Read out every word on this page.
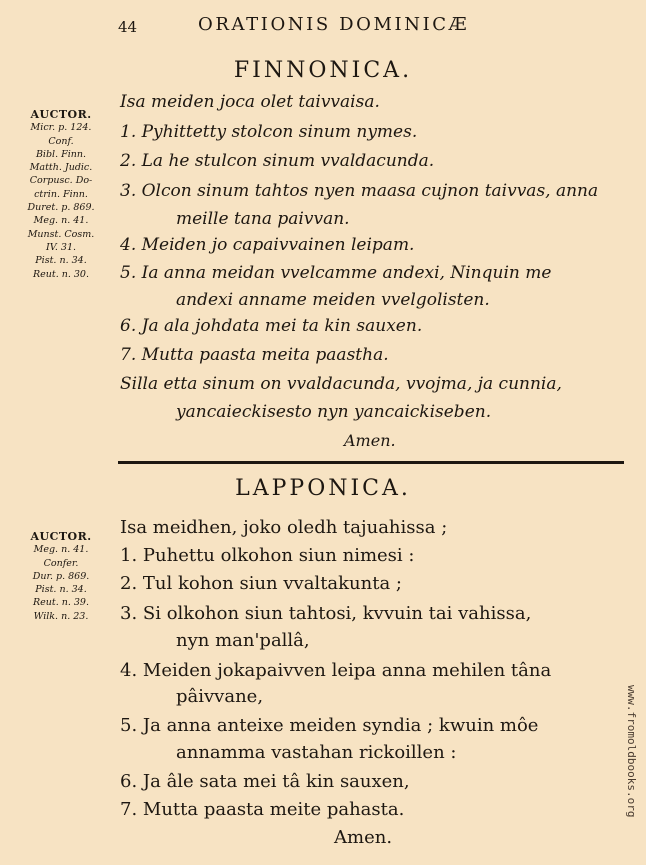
44	ORATIONIS DOMINICÆ
FINNONICA.
AUCTOR.
Micr. p. 124.
Conf.
Bibl. Finn.
Matth. Judic.
Corpusc. Do-
ctrin. Finn.
Duret. p. 869.
Meg. n. 41.
Munst. Cosm.
IV. 31.
Pist. n. 34.
Reut. n. 30.
Isa meiden joca olet taivvaisa.
1. Pyhittetty stolcon sinum nymes.
2. La he stulcon sinum vvaldacunda.
3. Olcon sinum tahtos nyen maasa cujnon taivvas, anna
meille tana paivvan.
4. Meiden jo capaivvainen leipam.
5. Ia anna meidan vvelcamme andexi, Ninquin me
andexi anname meiden vvelgolisten.
6. Ja ala johdata mei ta kin sauxen.
7. Mutta paasta meita paastha.
Silla etta sinum on vvaldacunda, vvojma, ja cunnia,
yancaieckisesto nyn yancaickiseben.
Amen.
LAPPONICA.
AUCTOR.
Meg. n. 41.
Confer.
Dur. p. 869.
Pist. n. 34.
Reut. n. 39.
Wilk. n. 23.
Isa meidhen, joko oledh tajuahissa ;
1. Puhettu olkohon siun nimesi :
2. Tul kohon siun vvaltakunta ;
3. Si olkohon siun tahtosi, kvvuin tai vahissa,
nyn man'pallâ,
4. Meiden jokapaivven leipa anna mehilen tâna
pâivvane,
5. Ja anna anteixe meiden syndia ; kwuin môe
annamma vastahan rickoillen :
6. Ja âle sata mei tâ kin sauxen,
7. Mutta paasta meite pahasta.
Amen.
www.fromoldbooks.org
